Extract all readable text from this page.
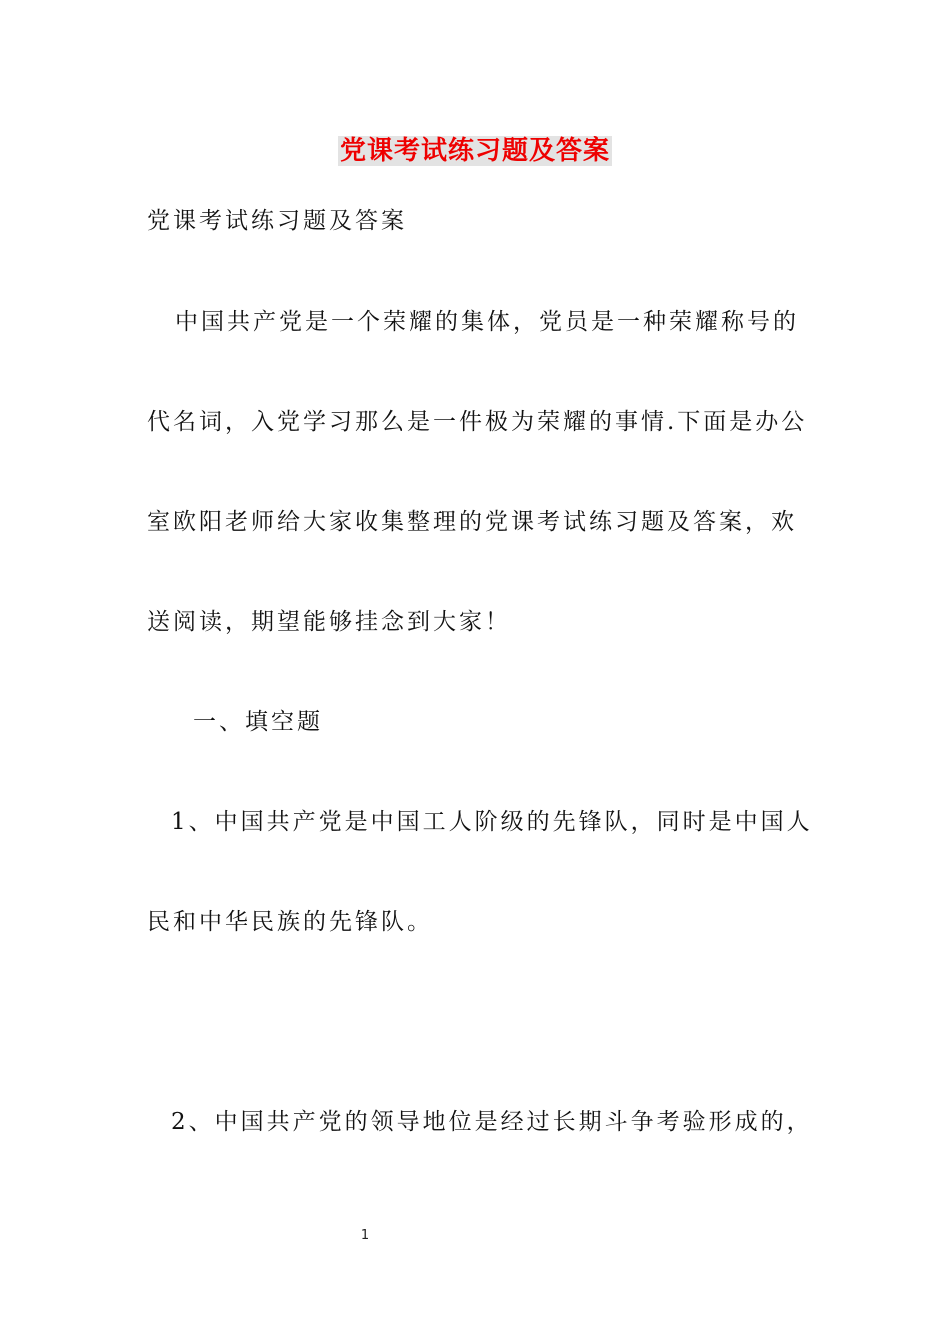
党课考试练习题及答案
党课考试练习题及答案
中国共产党是一个荣耀的集体，党员是一种荣耀称号的
代名词，入党学习那么是一件极为荣耀的事情.下面是办公
室欧阳老师给大家收集整理的党课考试练习题及答案，欢
送阅读，期望能够挂念到大家！
一、填空题
1、中国共产党是中国工人阶级的先锋队，同时是中国人
民和中华民族的先锋队。
2、中国共产党的领导地位是经过长期斗争考验形成的，
1
